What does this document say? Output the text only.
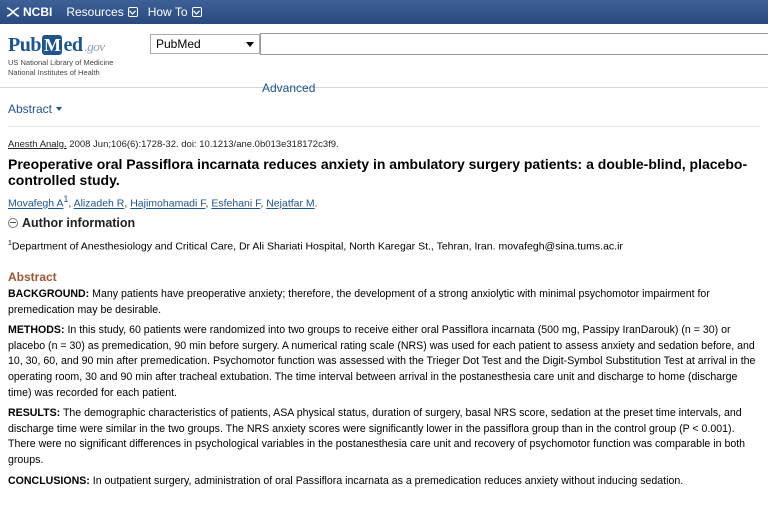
NCBI Resources How To
Pub M ed .gov
US National Library of Medicine
National Institutes of Health
PubMed
Advanced
Abstract
Anesth Analg. 2008 Jun;106(6):1728-32. doi: 10.1213/ane.0b013e318172c3f9.
Preoperative oral Passiflora incarnata reduces anxiety in ambulatory surgery patients: a double-blind, placebo-controlled study.
Movafegh $A^1$, Alizadeh R, Hajimohamadi F, Esfehani F, Nejatfar M.
Author information
$^1$Department of Anesthesiology and Critical Care, Dr Ali Shariati Hospital, North Karegar St., Tehran, Iran. movafegh@sina.tums.ac.ir
Abstract

BACKGROUND: Many patients have preoperative anxiety; therefore, the development of a strong anxiolytic with minimal psychomotor impairment for premedication may be desirable.

METHODS: In this study, 60 patients were randomized into two groups to receive either oral Passiflora incarnata (500 mg, Passipy IranDarouk) (n = 30) or placebo (n = 30) as premedication, 90 min before surgery. A numerical rating scale (NRS) was used for each patient to assess anxiety and sedation before, and 10, 30, 60, and 90 min after premedication. Psychomotor function was assessed with the Trieger Dot Test and the Digit-Symbol Substitution Test at arrival in the operating room, 30 and 90 min after tracheal extubation. The time interval between arrival in the postanesthesia care unit and discharge to home (discharge time) was recorded for each patient.

RESULTS: The demographic characteristics of patients, ASA physical status, duration of surgery, basal NRS score, sedation at the preset time intervals, and discharge time were similar in the two groups. The NRS anxiety scores were significantly lower in the passiflora group than in the control group (P < 0.001). There were no significant differences in psychological variables in the postanesthesia care unit and recovery of psychomotor function was comparable in both groups.

CONCLUSIONS: In outpatient surgery, administration of oral Passiflora incarnata as a premedication reduces anxiety without inducing sedation.
